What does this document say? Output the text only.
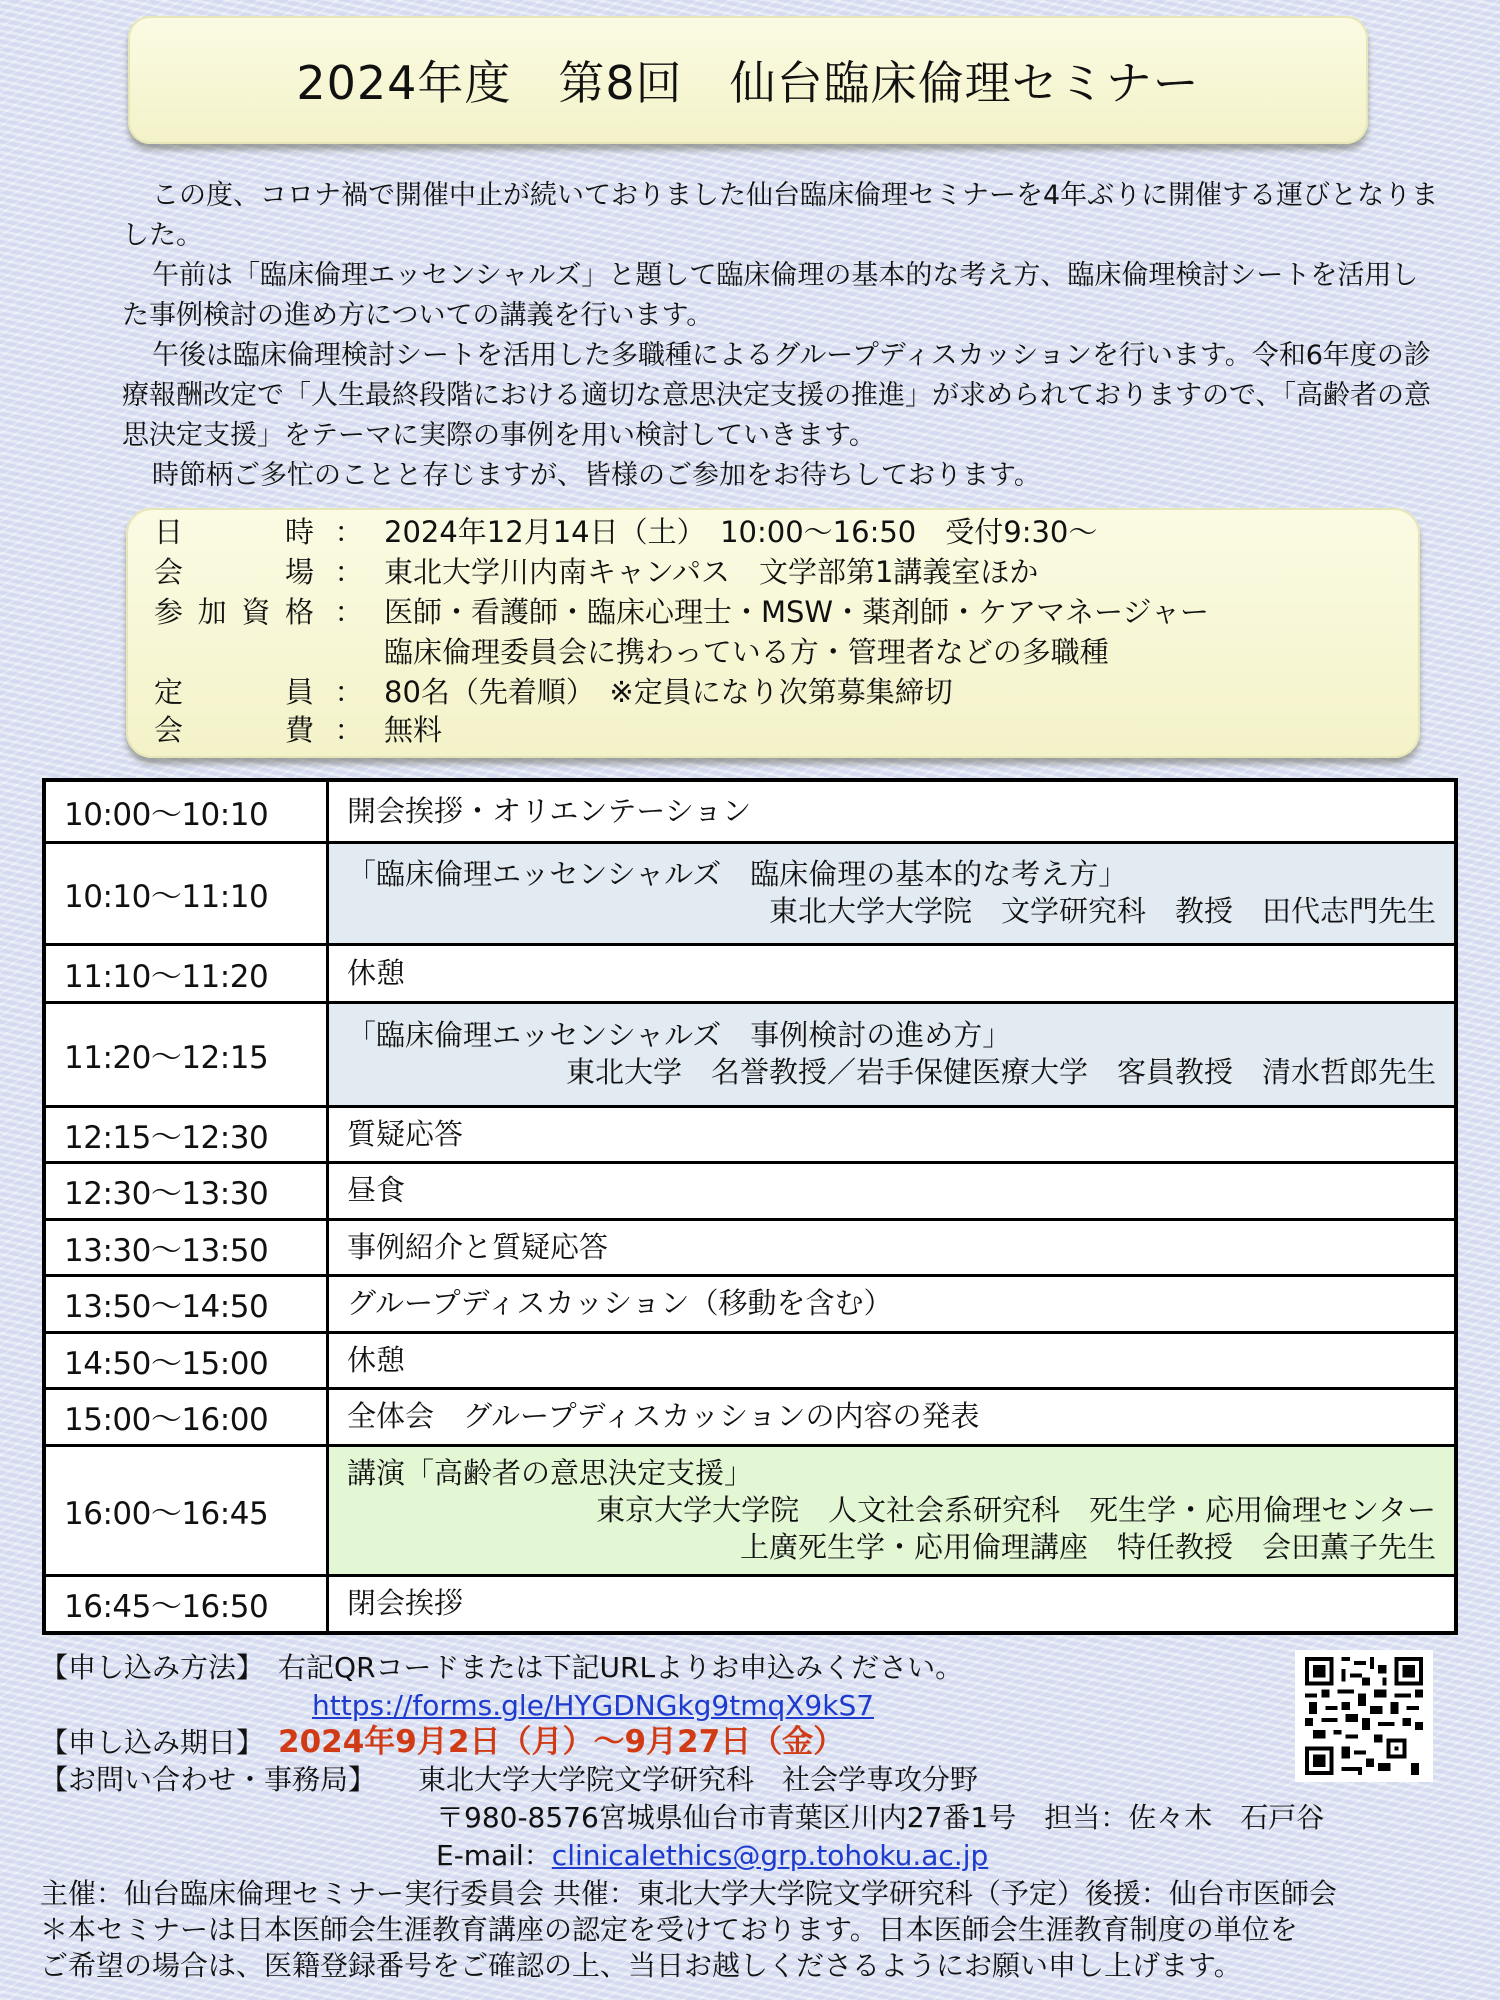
2024年度　第8回　仙台臨床倫理セミナー

この度、コロナ禍で開催中止が続いておりました仙台臨床倫理セミナーを4年ぶりに開催する運びとなりました。

午前は「臨床倫理エッセンシャルズ」と題して臨床倫理の基本的な考え方、臨床倫理検討シートを活用した事例検討の進め方についての講義を行います。

午後は臨床倫理検討シートを活用した多職種によるグループディスカッションを行います。令和6年度の診療報酬改定で「人生最終段階における適切な意思決定支援の推進」が求められておりますので、「高齢者の意思決定支援」をテーマに実際の事例を用い検討していきます。

時節柄ご多忙のことと存じますが、皆様のご参加をお待ちしております。

日	時 ： 2024年12月14日（土）　10:00～16:50　受付9:30～
会	場 ： 東北大学川内南キャンパス　文学部第1講義室ほか
参 加 資 格 ： 医師・看護師・臨床心理士・MSW・薬剤師・ケアマネージャー
臨床倫理委員会に携わっている方・管理者などの多職種
定	員 ： 80名（先着順）　※定員になり次第募集締切
会	費 ： 無料
10:00～10:10	開会挨拶・オリエンテーション

10:10～11:10	「臨床倫理エッセンシャルズ　臨床倫理の基本的な考え方」
東北大学大学院　文学研究科　教授　田代志門先生

11:10～11:20	休憩

11:20～12:15	「臨床倫理エッセンシャルズ　事例検討の進め方」
東北大学　名誉教授／岩手保健医療大学　客員教授　清水哲郎先生

12:15～12:30	質疑応答

12:30～13:30	昼食

13:30～13:50	事例紹介と質疑応答

13:50～14:50	グループディスカッション（移動を含む）

14:50～15:00	休憩

15:00～16:00	全体会　グループディスカッションの内容の発表

16:00～16:45	講演「高齢者の意思決定支援」
東京大学大学院　人文社会系研究科　死生学・応用倫理センター
上廣死生学・応用倫理講座　特任教授　会田薫子先生

16:45～16:50	閉会挨拶
【申し込み方法】　 右記QRコードまたは下記URLよりお申込みください。
https://forms.gle/HYGDNGkg9tmqX9kS7
【申し込み期日】　 2024年9月2日（月）～9月27日（金）
【お問い合わせ・事務局】　　 東北大学大学院文学研究科　社会学専攻分野
〒980-8576宮城県仙台市青葉区川内27番1号　担当：佐々木　石戸谷
E-mail：clinicalethics@grp.tohoku.ac.jp
主催：仙台臨床倫理セミナー実行委員会 共催：東北大学大学院文学研究科（予定）後援：仙台市医師会
＊本セミナーは日本医師会生涯教育講座の認定を受けております。日本医師会生涯教育制度の単位を
ご希望の場合は、医籍登録番号をご確認の上、当日お越しくださるようにお願い申し上げます。
